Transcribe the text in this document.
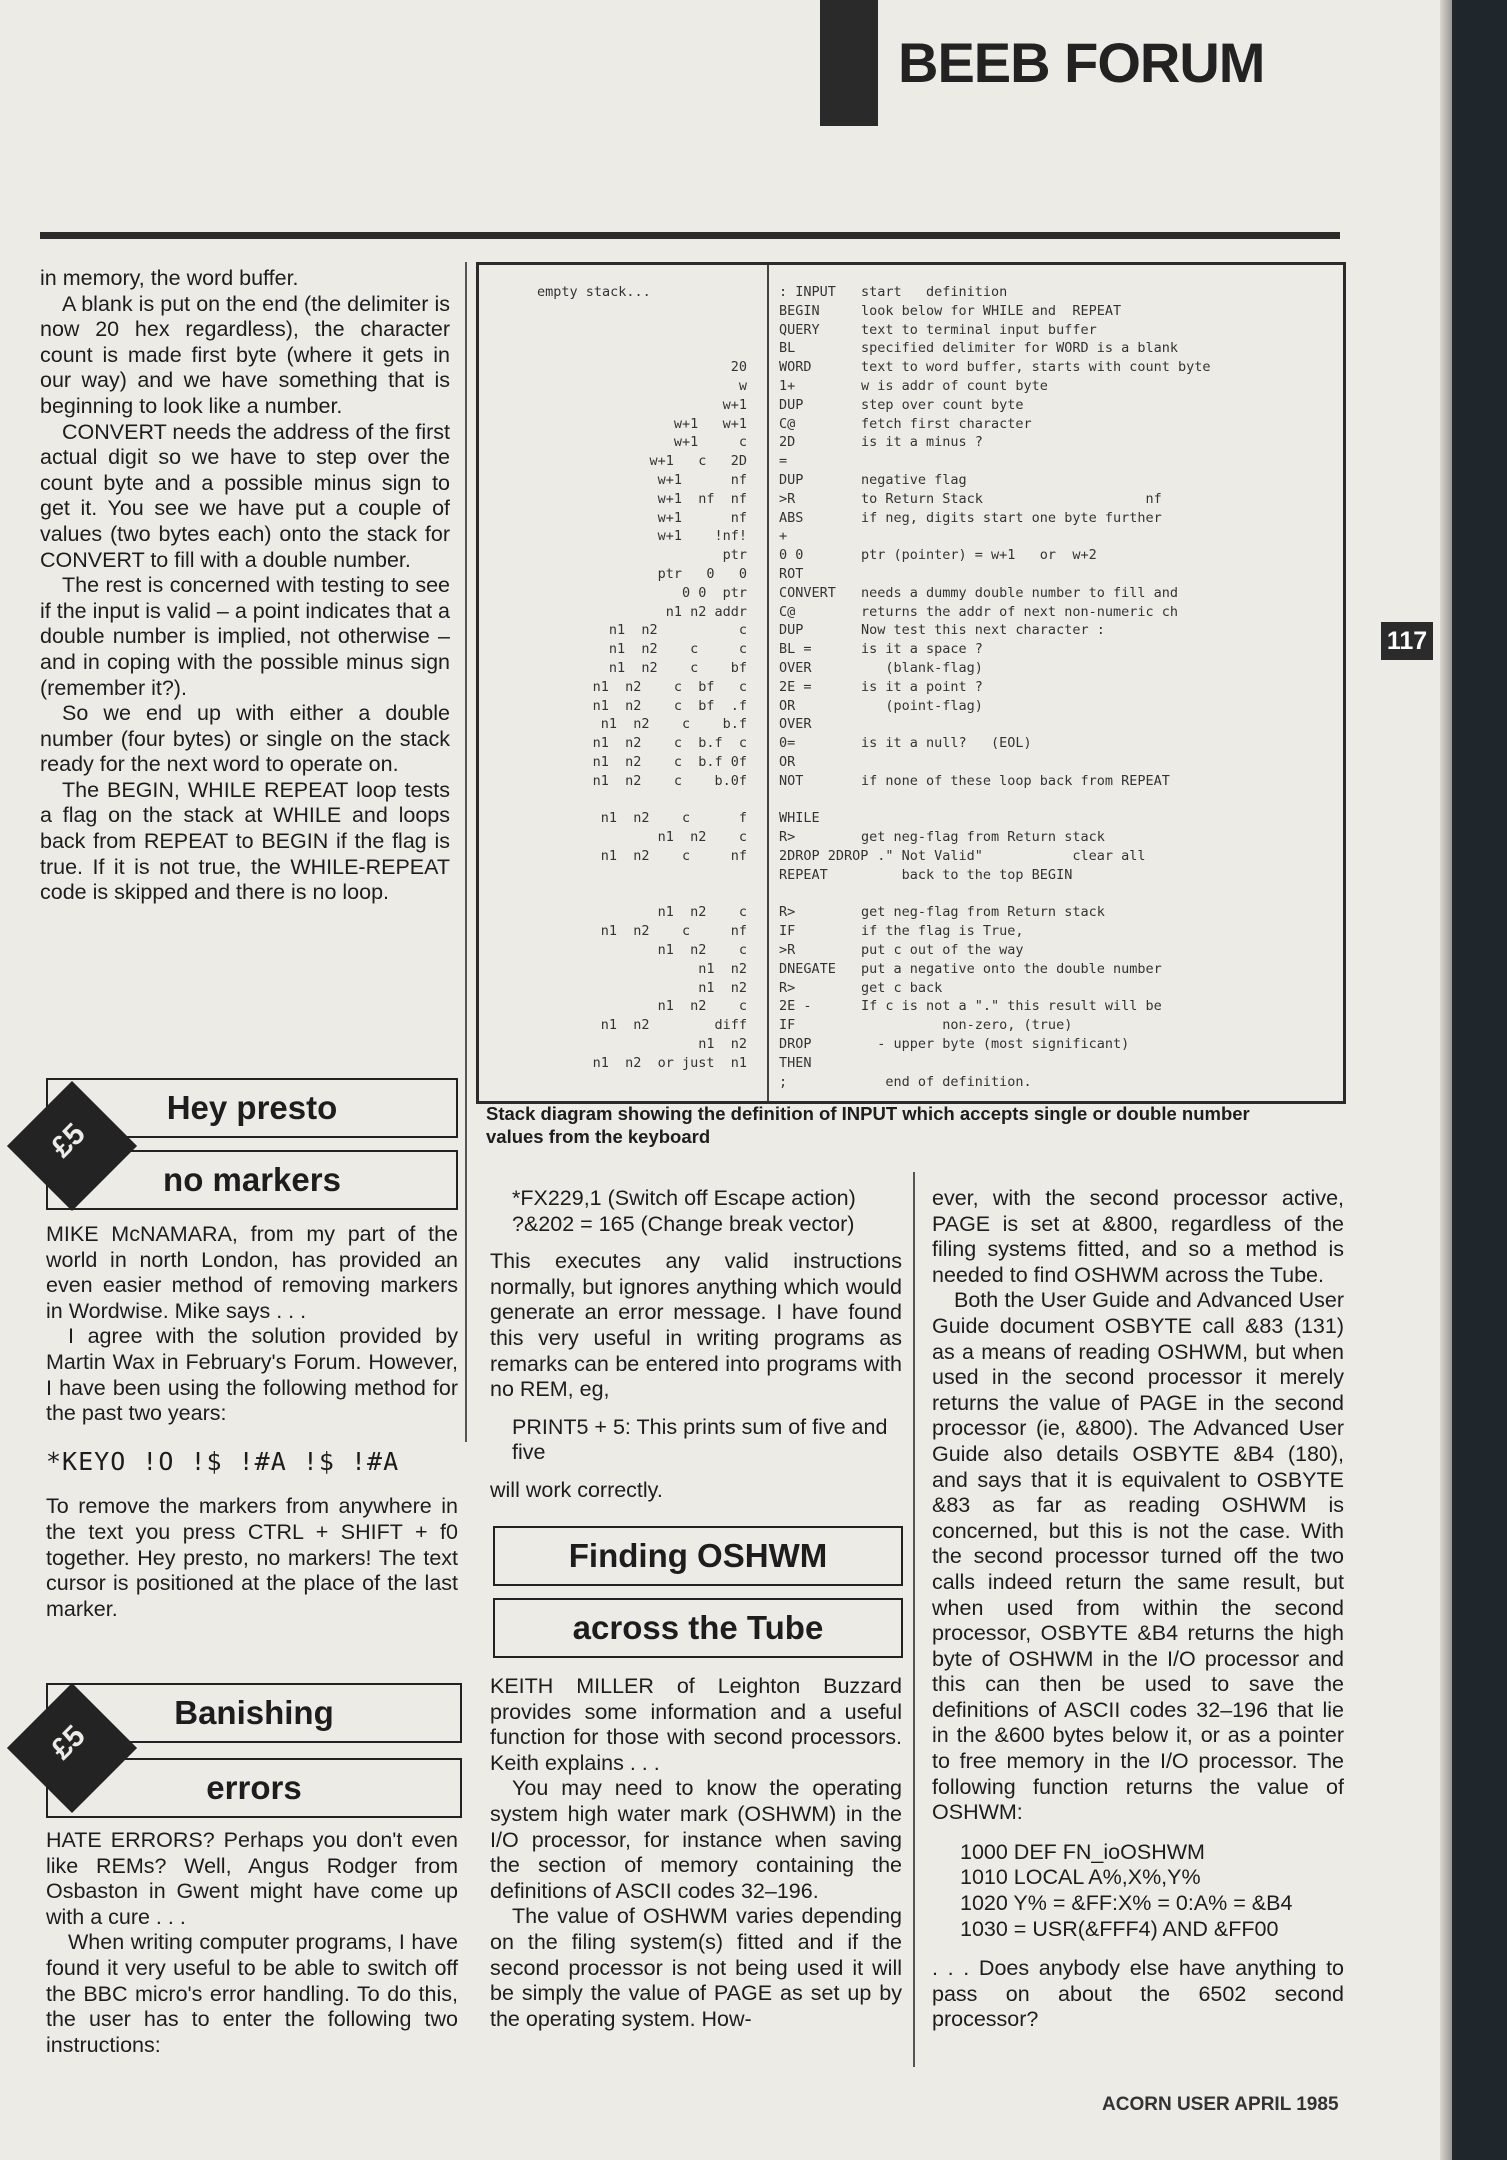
BEEB FORUM
117

in memory, the word buffer.

A blank is put on the end (the delimiter is now 20 hex regardless), the character count is made first byte (where it gets in our way) and we have something that is beginning to look like a number.

CONVERT needs the address of the first actual digit so we have to step over the count byte and a possible minus sign to get it. You see we have put a couple of values (two bytes each) onto the stack for CONVERT to fill with a double number.

The rest is concerned with testing to see if the input is valid – a point indicates that a double number is implied, not otherwise – and in coping with the possible minus sign (remember it?).

So we end up with either a double number (four bytes) or single on the stack ready for the next word to operate on.

The BEGIN, WHILE REPEAT loop tests a flag on the stack at WHILE and loops back from REPEAT to BEGIN if the flag is true. If it is not true, the WHILE-REPEAT code is skipped and there is no loop.

empty stack...
20
w
w+1
w+1   w+1
w+1     c
w+1   c   2D
w+1      nf
w+1  nf  nf
w+1      nf
w+1    !nf!
ptr
ptr   0   0
0 0  ptr
n1 n2 addr
n1  n2          c
n1  n2    c     c
n1  n2    c    bf
n1  n2    c  bf   c
n1  n2    c  bf  .f
n1  n2    c    b.f
n1  n2    c  b.f  c
n1  n2    c  b.f 0f
n1  n2    c    b.0f
n1  n2    c      f
n1  n2    c
n1  n2    c     nf
n1  n2    c
n1  n2    c     nf
n1  n2    c
n1  n2
n1  n2
n1  n2    c
n1  n2        diff
n1  n2
n1  n2  or just  n1
: INPUT
BEGIN
QUERY
BL
WORD
1+
DUP
C@
2D
=
DUP
>R
ABS
+
0 0
ROT
CONVERT
C@
DUP
BL =
OVER
2E =
OR
OVER
0=
OR
NOT
WHILE
R>
2DROP 2DROP
REPEAT
R>
IF
>R
DNEGATE
R>
2E -
IF
DROP
THEN
;
start   definition
look below for WHILE and  REPEAT
text to terminal input buffer
specified delimiter for WORD is a blank
text to word buffer, starts with count byte
w is addr of count byte
step over count byte
fetch first character
is it a minus ?
negative flag
to Return Stack                    nf
if neg, digits start one byte further
ptr (pointer) = w+1   or  w+2
needs a dummy double number to fill and
returns the addr of next non-numeric ch
Now test this next character :
is it a space ?
(blank-flag)
is it a point ?
(point-flag)
is it a null?   (EOL)
if none of these loop back from REPEAT
get neg-flag from Return stack
." Not Valid"           clear all
back to the top BEGIN
get neg-flag from Return stack
if the flag is True,
put c out of the way
put a negative onto the double number
get c back
If c is not a "." this result will be
non-zero, (true)
- upper byte (most significant)
end of definition.
Stack diagram showing the definition of INPUT which accepts single or double number values from the keyboard
Hey presto
no markers
£5

MIKE McNAMARA, from my part of the world in north London, has provided an even easier method of removing markers in Wordwise. Mike says . . .

I agree with the solution provided by Martin Wax in February's Forum. However, I have been using the following method for the past two years:

*KEYO !O !$ !#A !$ !#A

To remove the markers from anywhere in the text you press CTRL + SHIFT + f0 together. Hey presto, no markers! The text cursor is positioned at the place of the last marker.

Banishing
errors
£5

HATE ERRORS? Perhaps you don't even like REMs? Well, Angus Rodger from Osbaston in Gwent might have come up with a cure . . .

When writing computer programs, I have found it very useful to be able to switch off the BBC micro's error handling. To do this, the user has to enter the following two instructions:

*FX229,1 (Switch off Escape action)

?&202 = 165 (Change break vector)

This executes any valid instructions normally, but ignores anything which would generate an error message. I have found this very useful in writing programs as remarks can be entered into programs with no REM, eg,

PRINT5 + 5: This prints sum of five and five

will work correctly.

Finding OSHWM
across the Tube

KEITH MILLER of Leighton Buzzard provides some information and a useful function for those with second processors. Keith explains . . .

You may need to know the operating system high water mark (OSHWM) in the I/O processor, for instance when saving the section of memory containing the definitions of ASCII codes 32–196.

The value of OSHWM varies depending on the filing system(s) fitted and if the second processor is not being used it will be simply the value of PAGE as set up by the operating system. How-

ever, with the second processor active, PAGE is set at &800, regardless of the filing systems fitted, and so a method is needed to find OSHWM across the Tube.

Both the User Guide and Advanced User Guide document OSBYTE call &83 (131) as a means of reading OSHWM, but when used in the second processor it merely returns the value of PAGE in the second processor (ie, &800). The Advanced User Guide also details OSBYTE &B4 (180), and says that it is equivalent to OSBYTE &83 as far as reading OSHWM is concerned, but this is not the case. With the second processor turned off the two calls indeed return the same result, but when used from within the second processor, OSBYTE &B4 returns the high byte of OSHWM in the I/O processor and this can then be used to save the definitions of ASCII codes 32–196 that lie in the &600 bytes below it, or as a pointer to free memory in the I/O processor. The following function returns the value of OSHWM:

1000 DEF FN_ioOSHWM
1010 LOCAL A%,X%,Y%
1020 Y% = &FF:X% = 0:A% = &B4
1030 = USR(&FFF4) AND &FF00

. . . Does anybody else have anything to pass on about the 6502 second processor?

ACORN USER APRIL 1985
